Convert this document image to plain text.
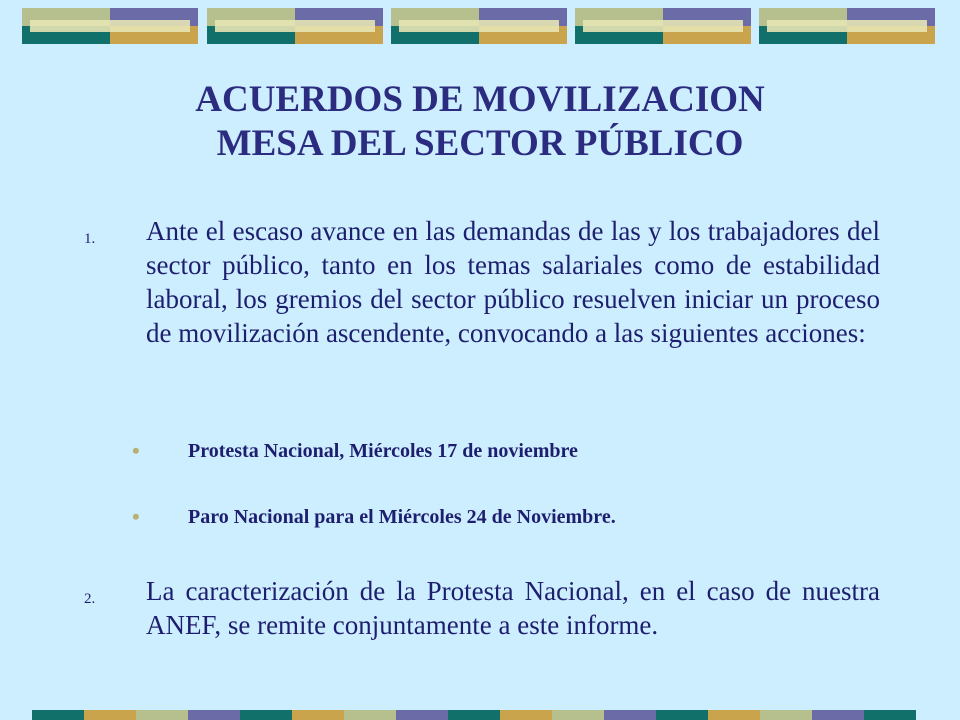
ACUERDOS DE MOVILIZACION
MESA DEL SECTOR PÚBLICO
1. Ante el escaso avance en las demandas de las y los trabajadores del sector público, tanto en los temas salariales como de estabilidad laboral, los gremios del sector público resuelven iniciar un proceso de movilización ascendente, convocando a las siguientes acciones:
• Protesta Nacional, Miércoles 17 de noviembre
• Paro Nacional para el Miércoles 24 de Noviembre.
2. La caracterización de la Protesta Nacional, en el caso de nuestra ANEF, se remite conjuntamente a este informe.
